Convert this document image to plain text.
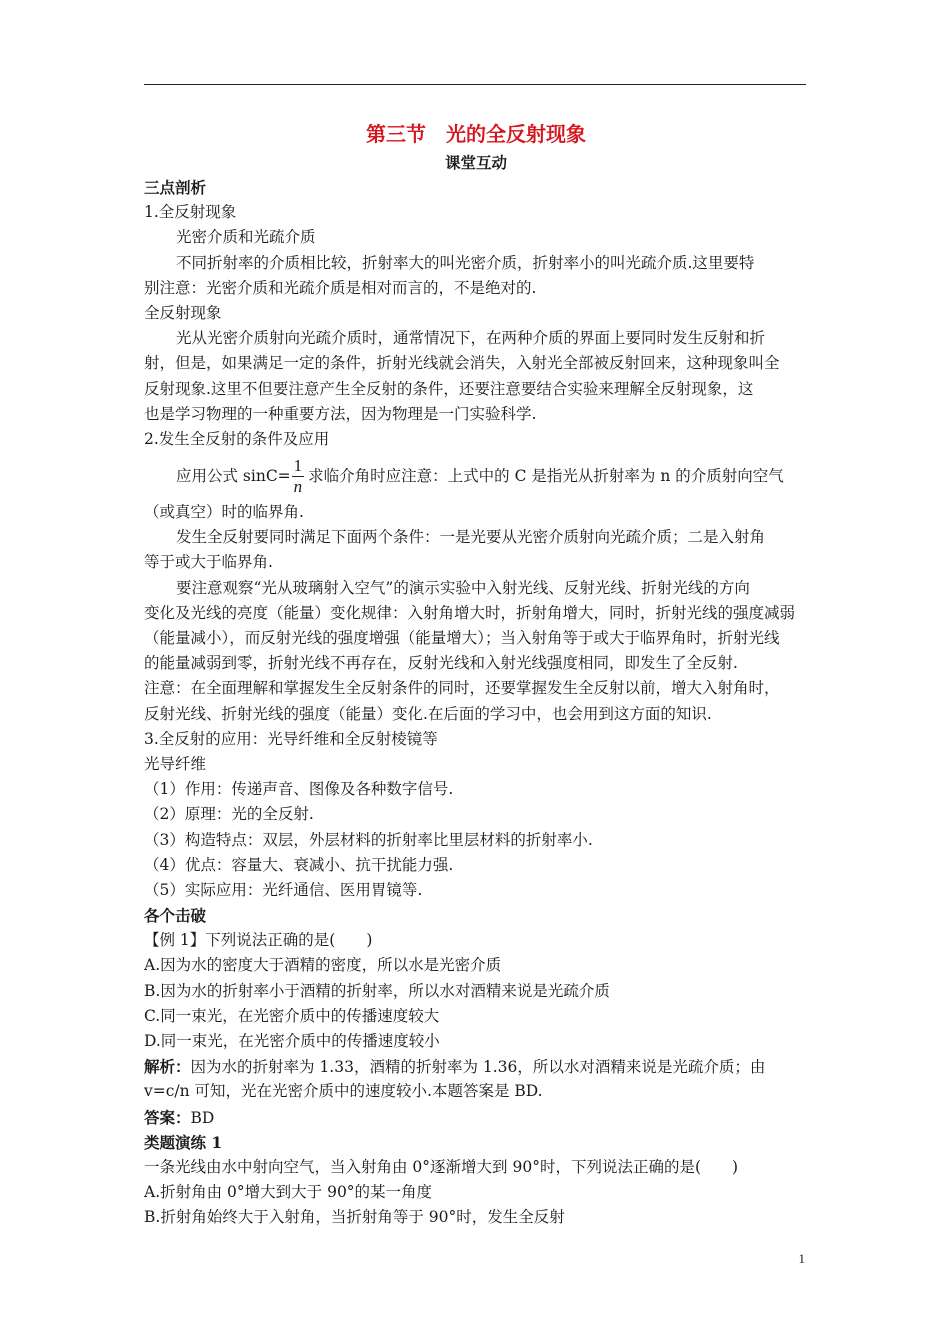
第三节　光的全反射现象
课堂互动
三点剖析
1.全反射现象
光密介质和光疏介质
不同折射率的介质相比较，折射率大的叫光密介质，折射率小的叫光疏介质.这里要特
别注意：光密介质和光疏介质是相对而言的，不是绝对的.
全反射现象
光从光密介质射向光疏介质时，通常情况下，在两种介质的界面上要同时发生反射和折
射，但是，如果满足一定的条件，折射光线就会消失，入射光全部被反射回来，这种现象叫全
反射现象.这里不但要注意产生全反射的条件，还要注意要结合实验来理解全反射现象，这
也是学习物理的一种重要方法，因为物理是一门实验科学.
2.发生全反射的条件及应用
应用公式 $\sin C= \frac{1}{n}$ 求临介角时应注意：上式中的 C 是指光从折射率为 n 的介质射向空气
（或真空）时的临界角.
发生全反射要同时满足下面两个条件：一是光要从光密介质射向光疏介质；二是入射角
等于或大于临界角.
要注意观察“光从玻璃射入空气”的演示实验中入射光线、反射光线、折射光线的方向
变化及光线的亮度（能量）变化规律：入射角增大时，折射角增大，同时，折射光线的强度减弱
（能量减小），而反射光线的强度增强（能量增大）；当入射角等于或大于临界角时，折射光线
的能量减弱到零，折射光线不再存在，反射光线和入射光线强度相同，即发生了全反射.
注意：在全面理解和掌握发生全反射条件的同时，还要掌握发生全反射以前，增大入射角时，
反射光线、折射光线的强度（能量）变化.在后面的学习中，也会用到这方面的知识.
3.全反射的应用：光导纤维和全反射棱镜等
光导纤维
（1）作用：传递声音、图像及各种数字信号.
（2）原理：光的全反射.
（3）构造特点：双层，外层材料的折射率比里层材料的折射率小.
（4）优点：容量大、衰减小、抗干扰能力强.
（5）实际应用：光纤通信、医用胃镜等.
各个击破
【例 1】下列说法正确的是(　　)
A.因为水的密度大于酒精的密度，所以水是光密介质
B.因为水的折射率小于酒精的折射率，所以水对酒精来说是光疏介质
C.同一束光，在光密介质中的传播速度较大
D.同一束光，在光密介质中的传播速度较小
解析：因为水的折射率为 1.33，酒精的折射率为 1.36，所以水对酒精来说是光疏介质；由
v=c/n 可知，光在光密介质中的速度较小.本题答案是 BD.
答案：BD
类题演练 1
一条光线由水中射向空气，当入射角由 0°逐渐增大到 90°时，下列说法正确的是(　　)
A.折射角由 0°增大到大于 90°的某一角度
B.折射角始终大于入射角，当折射角等于 90°时，发生全反射
1
